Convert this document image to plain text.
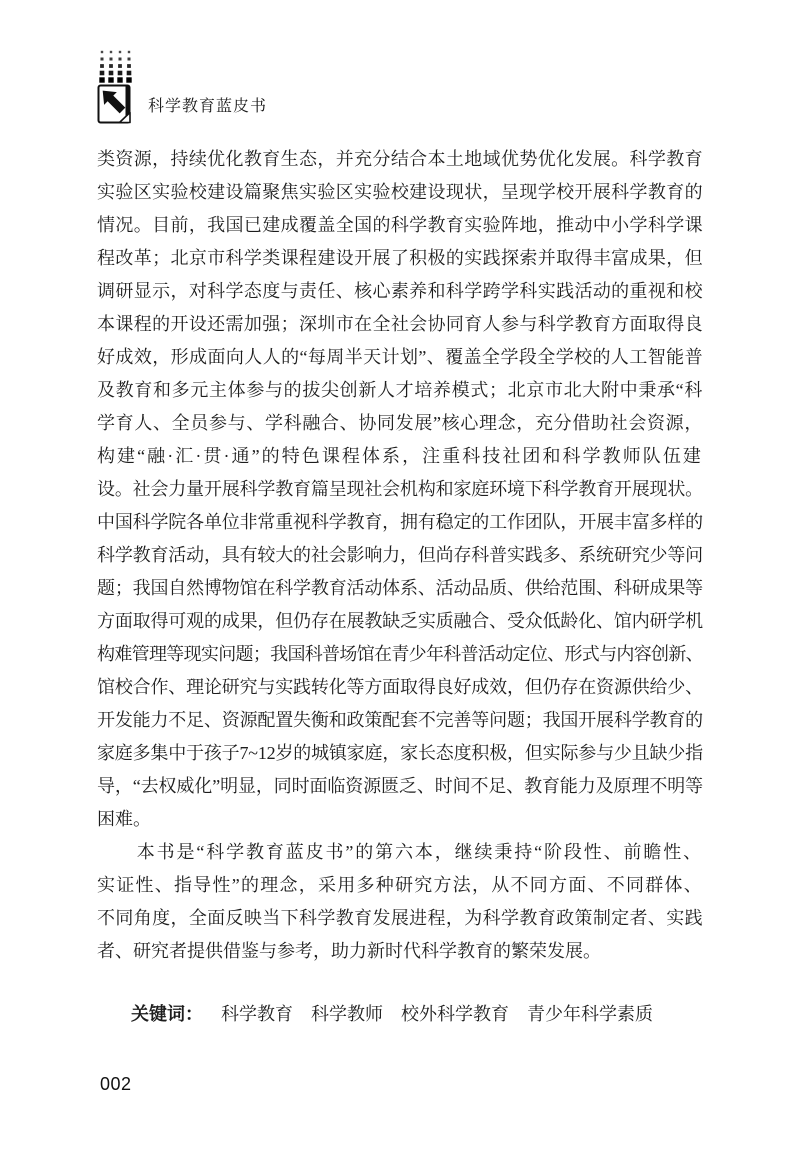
科学教育蓝皮书
类资源，持续优化教育生态，并充分结合本土地域优势优化发展。科学教育
实验区实验校建设篇聚焦实验区实验校建设现状，呈现学校开展科学教育的
情况。目前，我国已建成覆盖全国的科学教育实验阵地，推动中小学科学课
程改革；北京市科学类课程建设开展了积极的实践探索并取得丰富成果，但
调研显示，对科学态度与责任、核心素养和科学跨学科实践活动的重视和校
本课程的开设还需加强；深圳市在全社会协同育人参与科学教育方面取得良
好成效，形成面向人人的“每周半天计划”、覆盖全学段全学校的人工智能普
及教育和多元主体参与的拔尖创新人才培养模式；北京市北大附中秉承“科
学育人、全员参与、学科融合、协同发展”核心理念，充分借助社会资源，
构建“融·汇·贯·通”的特色课程体系，注重科技社团和科学教师队伍建
设。社会力量开展科学教育篇呈现社会机构和家庭环境下科学教育开展现状。
中国科学院各单位非常重视科学教育，拥有稳定的工作团队，开展丰富多样的
科学教育活动，具有较大的社会影响力，但尚存科普实践多、系统研究少等问
题；我国自然博物馆在科学教育活动体系、活动品质、供给范围、科研成果等
方面取得可观的成果，但仍存在展教缺乏实质融合、受众低龄化、馆内研学机
构难管理等现实问题；我国科普场馆在青少年科普活动定位、形式与内容创新、
馆校合作、理论研究与实践转化等方面取得良好成效，但仍存在资源供给少、
开发能力不足、资源配置失衡和政策配套不完善等问题；我国开展科学教育的
家庭多集中于孩子7~12岁的城镇家庭，家长态度积极，但实际参与少且缺少指
导，“去权威化”明显，同时面临资源匮乏、时间不足、教育能力及原理不明等
困难。
　　本书是“科学教育蓝皮书”的第六本，继续秉持“阶段性、前瞻性、
实证性、指导性”的理念，采用多种研究方法，从不同方面、不同群体、
不同角度，全面反映当下科学教育发展进程，为科学教育政策制定者、实践
者、研究者提供借鉴与参考，助力新时代科学教育的繁荣发展。
关键词： 科学教育 科学教师 校外科学教育 青少年科学素质
002
